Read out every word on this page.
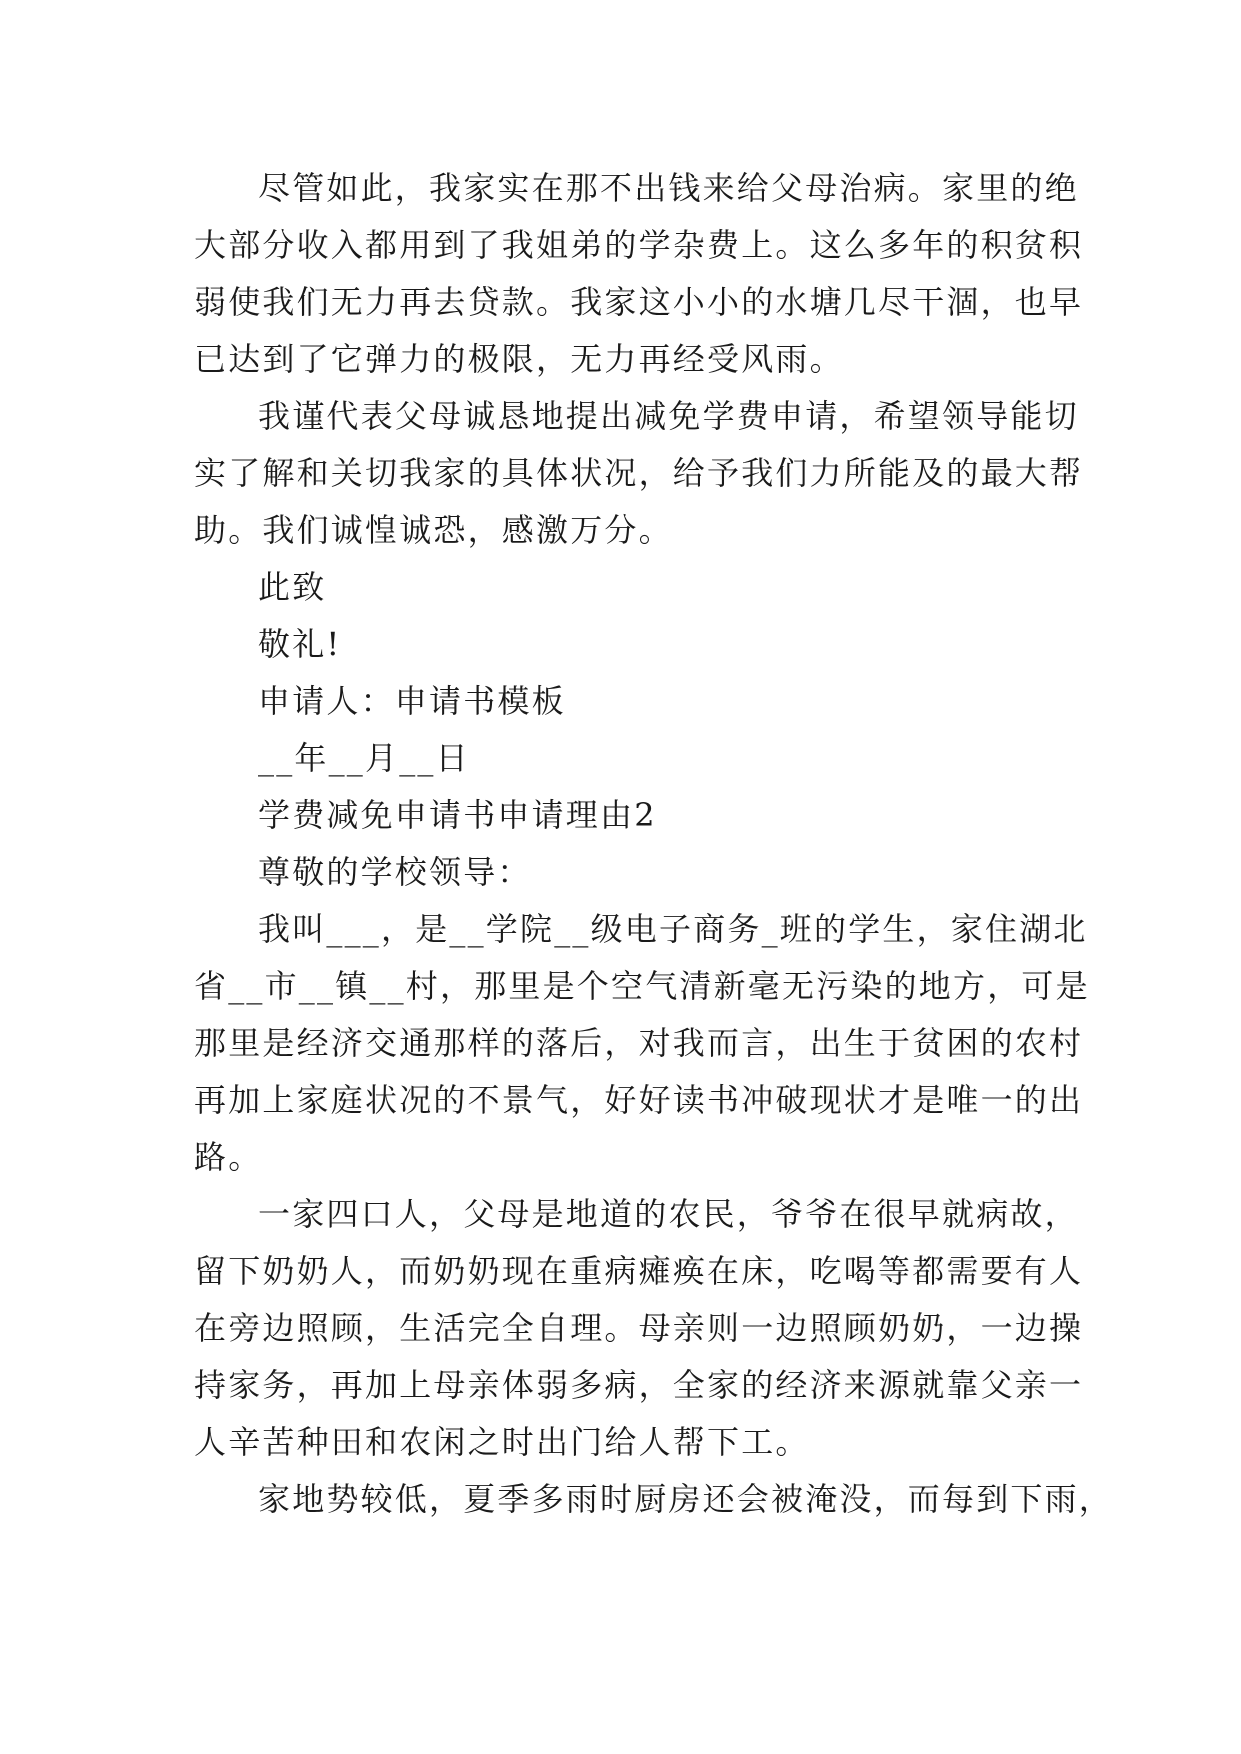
尽管如此，我家实在那不出钱来给父母治病。家里的绝
大部分收入都用到了我姐弟的学杂费上。这么多年的积贫积
弱使我们无力再去贷款。我家这小小的水塘几尽干涸，也早
已达到了它弹力的极限，无力再经受风雨。
我谨代表父母诚恳地提出减免学费申请，希望领导能切
实了解和关切我家的具体状况，给予我们力所能及的最大帮
助。我们诚惶诚恐，感激万分。
此致
敬礼!
申请人：申请书模板
__年__月__日
学费减免申请书申请理由2
尊敬的学校领导：
我叫___，是__学院__级电子商务_班的学生，家住湖北
省__市__镇__村，那里是个空气清新毫无污染的地方，可是
那里是经济交通那样的落后，对我而言，出生于贫困的农村
再加上家庭状况的不景气，好好读书冲破现状才是唯一的出
路。
一家四口人，父母是地道的农民，爷爷在很早就病故，
留下奶奶人，而奶奶现在重病瘫痪在床，吃喝等都需要有人
在旁边照顾，生活完全自理。母亲则一边照顾奶奶，一边操
持家务，再加上母亲体弱多病，全家的经济来源就靠父亲一
人辛苦种田和农闲之时出门给人帮下工。
家地势较低，夏季多雨时厨房还会被淹没，而每到下雨，
